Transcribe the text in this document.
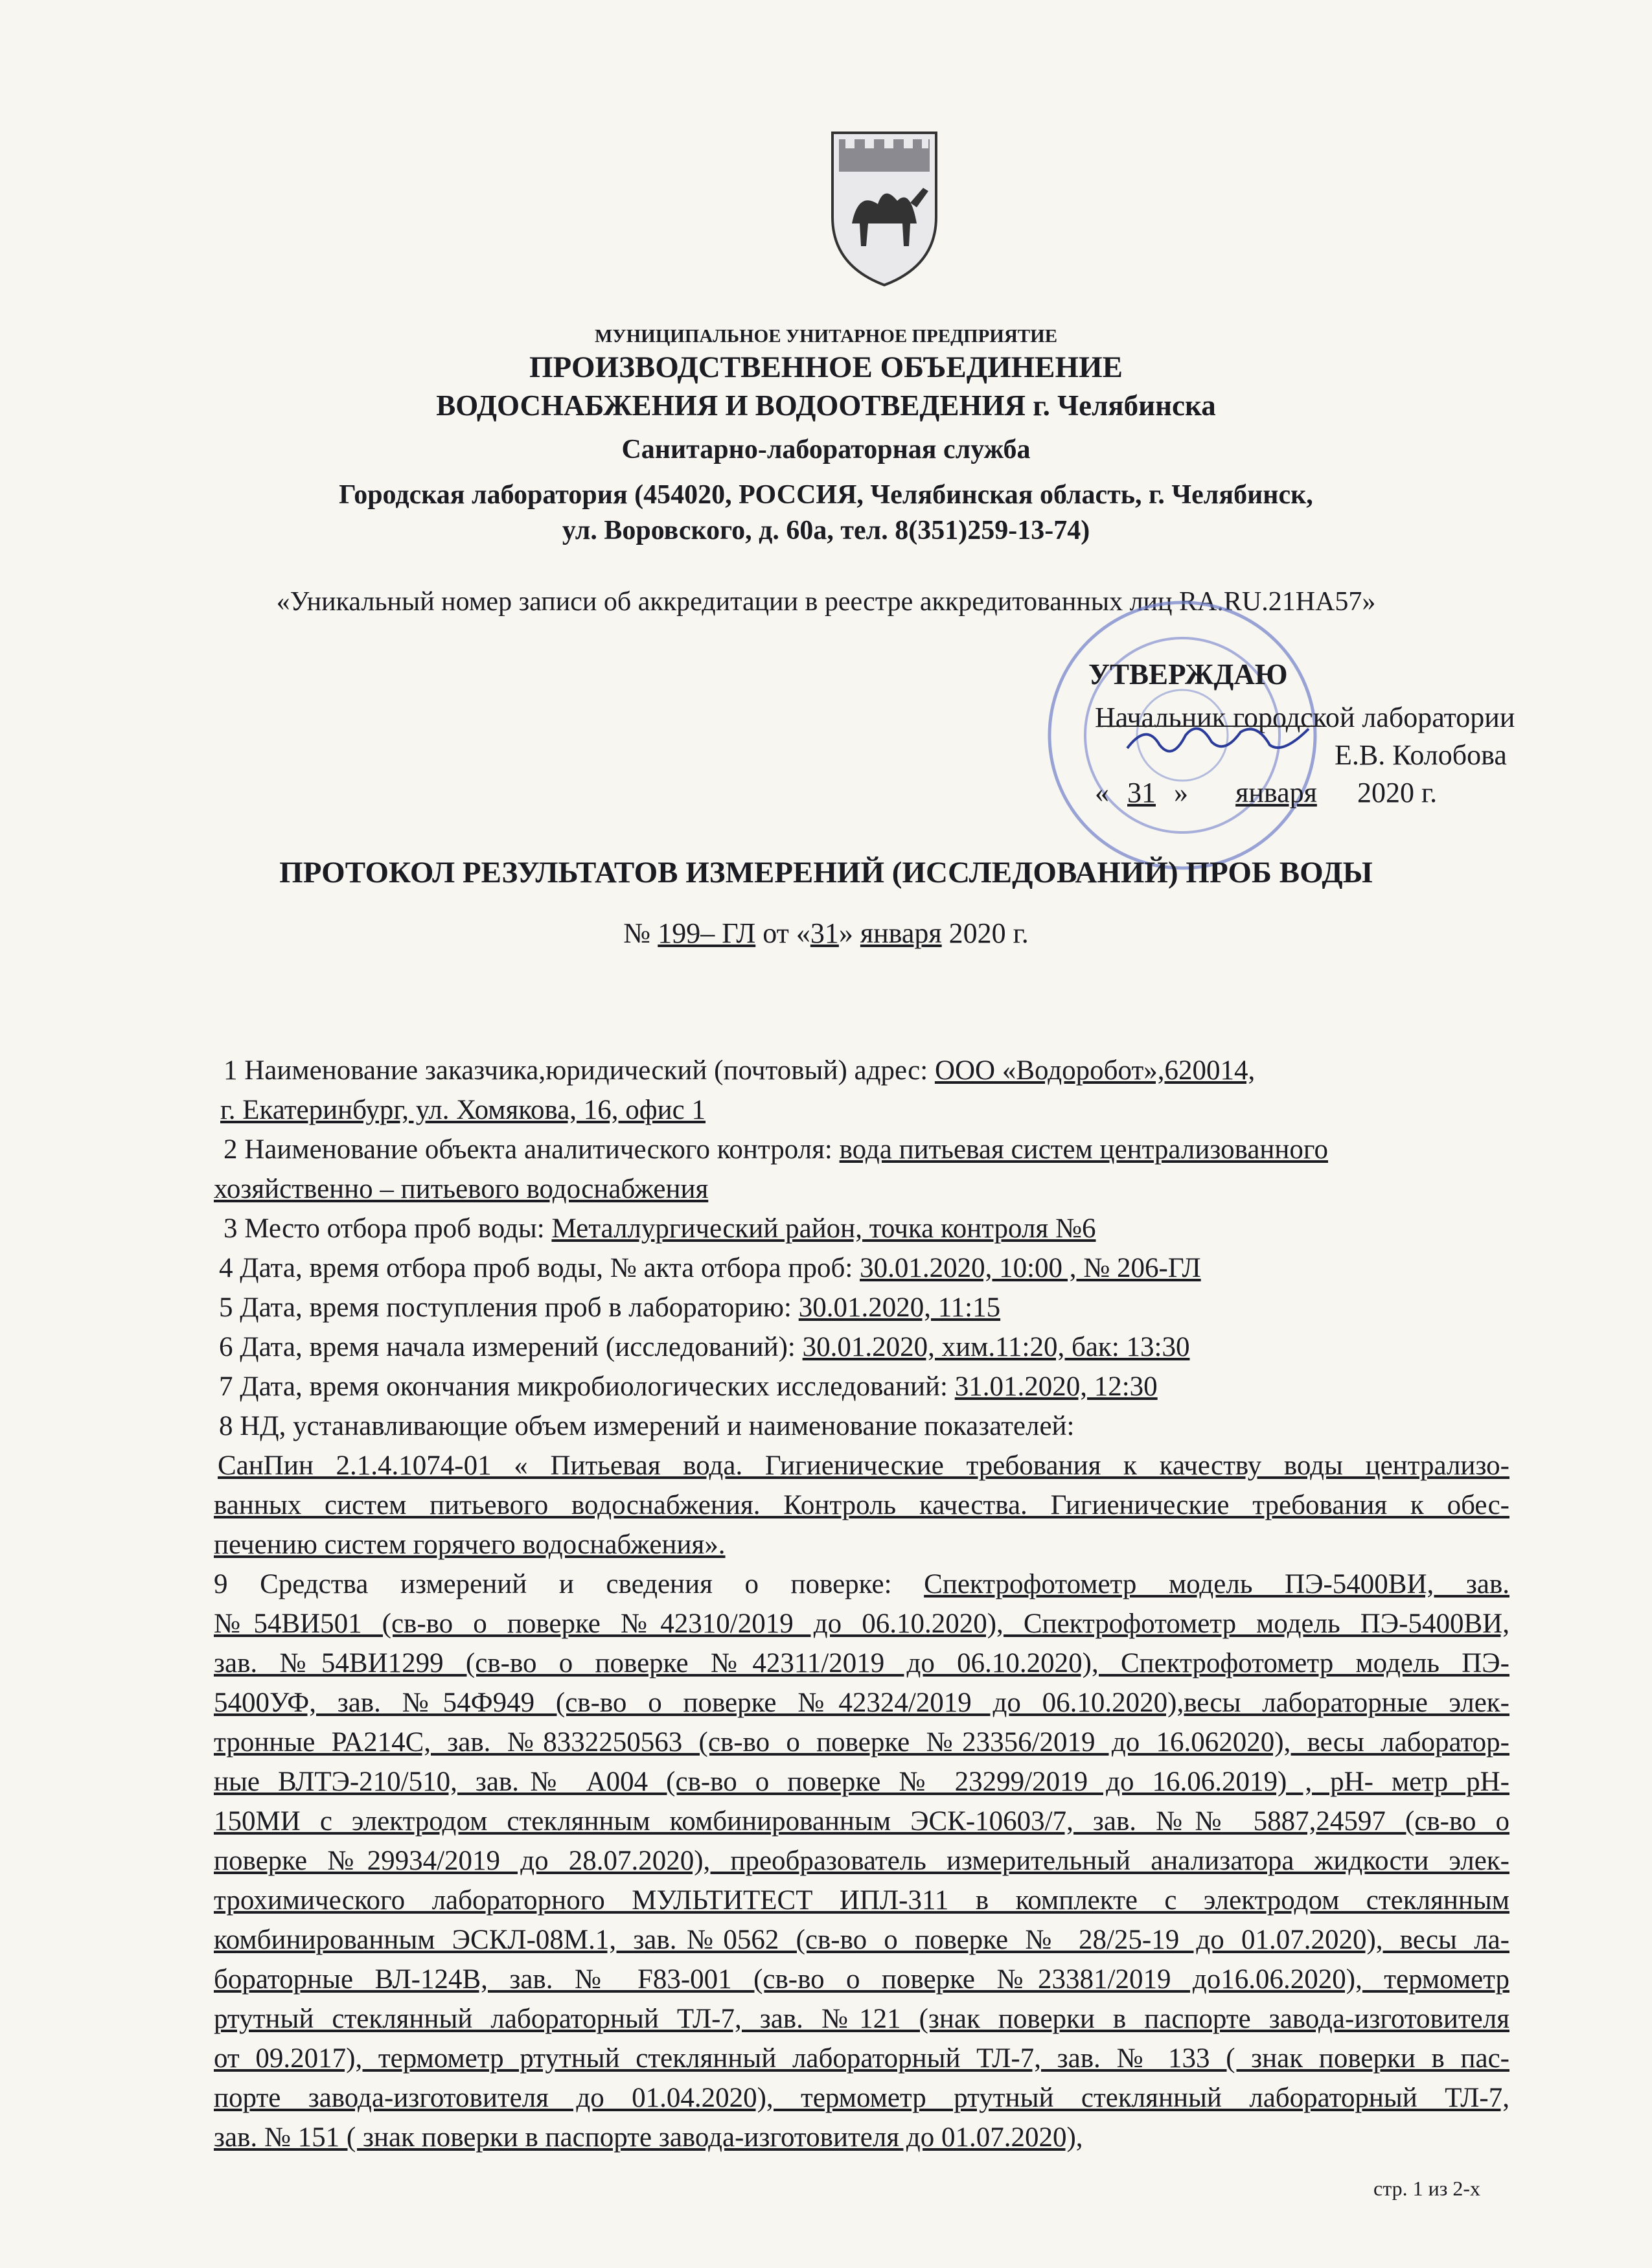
МУНИЦИПАЛЬНОЕ УНИТАРНОЕ ПРЕДПРИЯТИЕ
ПРОИЗВОДСТВЕННОЕ ОБЪЕДИНЕНИЕ
ВОДОСНАБЖЕНИЯ И ВОДООТВЕДЕНИЯ г. Челябинска
Санитарно-лабораторная служба
Городская лаборатория (454020, РОССИЯ, Челябинская область, г. Челябинск,
ул. Воровского, д. 60а, тел. 8(351)259-13-74)
«Уникальный номер записи об аккредитации в реестре аккредитованных лиц RA.RU.21HA57»
УТВЕРЖДАЮ
Начальник городской лаборатории
Е.В. Колобова
« 31 » января 2020 г.
ПРОТОКОЛ РЕЗУЛЬТАТОВ ИЗМЕРЕНИЙ (ИССЛЕДОВАНИЙ) ПРОБ ВОДЫ
№ 199– ГЛ от «31» января 2020 г.
1 Наименование заказчика,юридический (почтовый) адрес: ООО «Водоробот»,620014,
г. Екатеринбург, ул. Хомякова, 16, офис 1
2 Наименование объекта аналитического контроля: вода питьевая систем централизованного
хозяйственно – питьевого водоснабжения
3 Место отбора проб воды: Металлургический район, точка контроля №6
4 Дата, время отбора проб воды, № акта отбора проб: 30.01.2020, 10:00 , № 206-ГЛ
5 Дата, время поступления проб в лабораторию: 30.01.2020, 11:15
6 Дата, время начала измерений (исследований): 30.01.2020, хим.11:20, бак: 13:30
7 Дата, время окончания микробиологических исследований: 31.01.2020, 12:30
8 НД, устанавливающие объем измерений и наименование показателей:
СанПин 2.1.4.1074-01 « Питьевая вода. Гигиенические требования к качеству воды централизо-
ванных систем питьевого водоснабжения. Контроль качества. Гигиенические требования к обес-
печению систем горячего водоснабжения».
9 Средства измерений и сведения о поверке: Спектрофотометр модель ПЭ-5400ВИ, зав.
№54ВИ501 (св-во о поверке №42310/2019 до 06.10.2020), Спектрофотометр модель ПЭ-5400ВИ,
зав. №54ВИ1299 (св-во о поверке №42311/2019 до 06.10.2020), Спектрофотометр модель ПЭ-
5400УФ, зав. №54Ф949 (св-во о поверке №42324/2019 до 06.10.2020),весы лабораторные элек-
тронные РА214С, зав. №8332250563 (св-во о поверке №23356/2019 до 16.062020), весы лаборатор-
ные ВЛТЭ-210/510, зав.№ А004 (св-во о поверке № 23299/2019 до 16.06.2019) , рН- метр рН-
150МИ с электродом стеклянным комбинированным ЭСК-10603/7, зав. №№ 5887,24597 (св-во о
поверке №29934/2019 до 28.07.2020), преобразователь измерительный анализатора жидкости элек-
трохимического лабораторного МУЛЬТИТЕСТ ИПЛ-311 в комплекте с электродом стеклянным
комбинированным ЭСКЛ-08М.1, зав.№0562 (св-во о поверке № 28/25-19 до 01.07.2020), весы ла-
бораторные ВЛ-124В, зав. № F83-001 (св-во о поверке №23381/2019 до16.06.2020), термометр
ртутный стеклянный лабораторный ТЛ-7, зав. №121 (знак поверки в паспорте завода-изготовителя
от 09.2017), термометр ртутный стеклянный лабораторный ТЛ-7, зав. № 133 ( знак поверки в пас-
порте завода-изготовителя до 01.04.2020), термометр ртутный стеклянный лабораторный ТЛ-7,
зав. № 151 ( знак поверки в паспорте завода-изготовителя до 01.07.2020),
стр. 1 из 2-х
